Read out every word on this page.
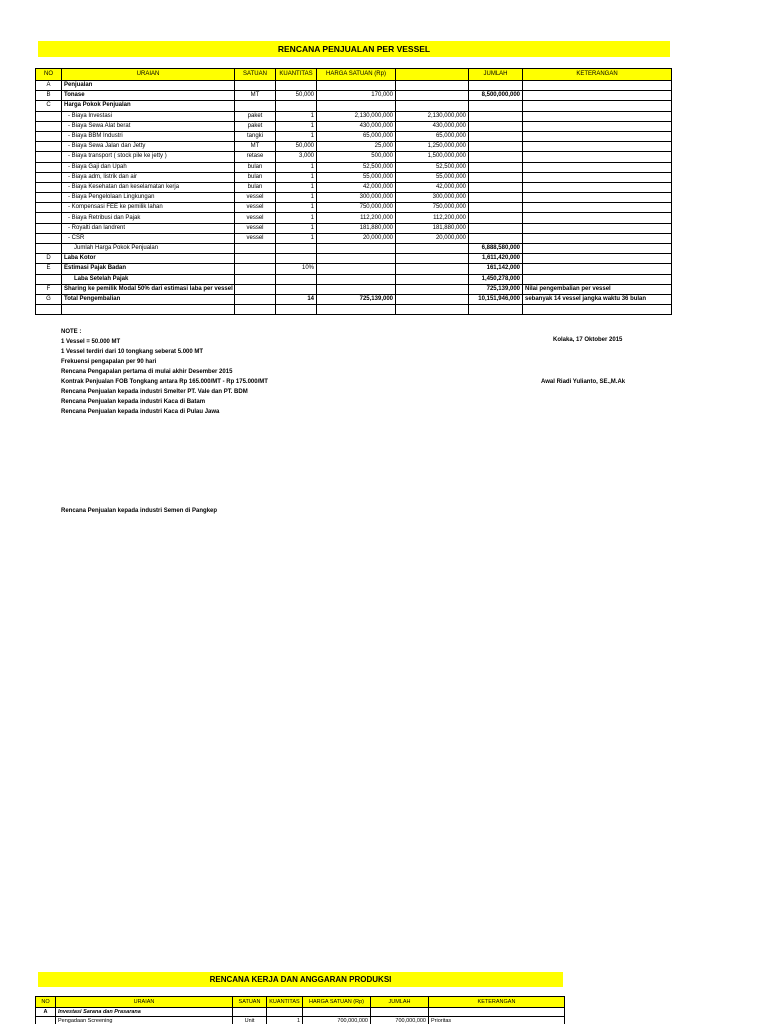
RENCANA PENJUALAN PER VESSEL
NO	URAIAN	SATUAN	KUANTITAS	HARGA SATUAN (Rp)		JUMLAH	KETERANGAN
A	Penjualan						
B	Tonase	MT	50,000	170,000		8,500,000,000	
C	Harga Pokok Penjualan						
	- Biaya Investasi	paket	1	2,130,000,000	2,130,000,000		
	- Biaya Sewa Alat berat	paket	1	430,000,000	430,000,000		
	- Biaya BBM Industri	tangki	1	65,000,000	65,000,000		
	- Biaya Sewa Jalan dan Jetty	MT	50,000	25,000	1,250,000,000		
	- Biaya transport ( stock pile ke jetty )	retase	3,000	500,000	1,500,000,000		
	- Biaya Gaji dan Upah	bulan	1	52,500,000	52,500,000		
	- Biaya adm, listrik dan air	bulan	1	55,000,000	55,000,000		
	- Biaya Kesehatan dan keselamatan kerja	bulan	1	42,000,000	42,000,000		
	- Biaya Pengelolaan Lingkungan	vessel	1	300,000,000	300,000,000		
	- Kompensasi FEE ke pemilik lahan	vessel	1	750,000,000	750,000,000		
	- Biaya Retribusi dan Pajak	vessel	1	112,200,000	112,200,000		
	- Royalti dan landrent	vessel	1	181,880,000	181,880,000		
	- CSR	vessel	1	20,000,000	20,000,000		
	Jumlah Harga Pokok Penjualan					6,888,580,000	
D	Laba Kotor					1,611,420,000	
E	Estimasi Pajak Badan		10%			161,142,000	
	Laba Setelah Pajak					1,450,278,000	
F	Sharing ke pemilik Modal 50% dari estimasi laba per vessel					725,139,000	Nilai pengembalian per vessel
G	Total Pengembalian		14	725,139,000		10,151,946,000	sebanyak 14 vessel jangka waktu 36 bulan

NOTE :
1 Vessel = 50.000 MT
1 Vessel terdiri dari 10 tongkang seberat 5.000 MT
Frekuensi pengapalan per 90 hari
Rencana Pengapalan pertama di mulai akhir Desember 2015
Kontrak Penjualan FOB Tongkang antara Rp 165.000/MT - Rp 175.000/MT
Rencana Penjualan kepada industri Smelter PT. Vale dan PT. BDM
Rencana Penjualan kepada industri Kaca di Batam
Rencana Penjualan kepada industri Kaca di Pulau Jawa
Kolaka, 17 Oktober 2015
Awal Riadi Yulianto, SE.,M.Ak
Rencana Penjualan kepada industri Semen di Pangkep
RENCANA KERJA DAN ANGGARAN PRODUKSI
NO	URAIAN	SATUAN	KUANTITAS	HARGA SATUAN (Rp)	JUMLAH	KETERANGAN
A	Investasi Sarana dan Prasarana					
	Pengadaan Screening	Unit	1	700,000,000	700,000,000	Prioritas
